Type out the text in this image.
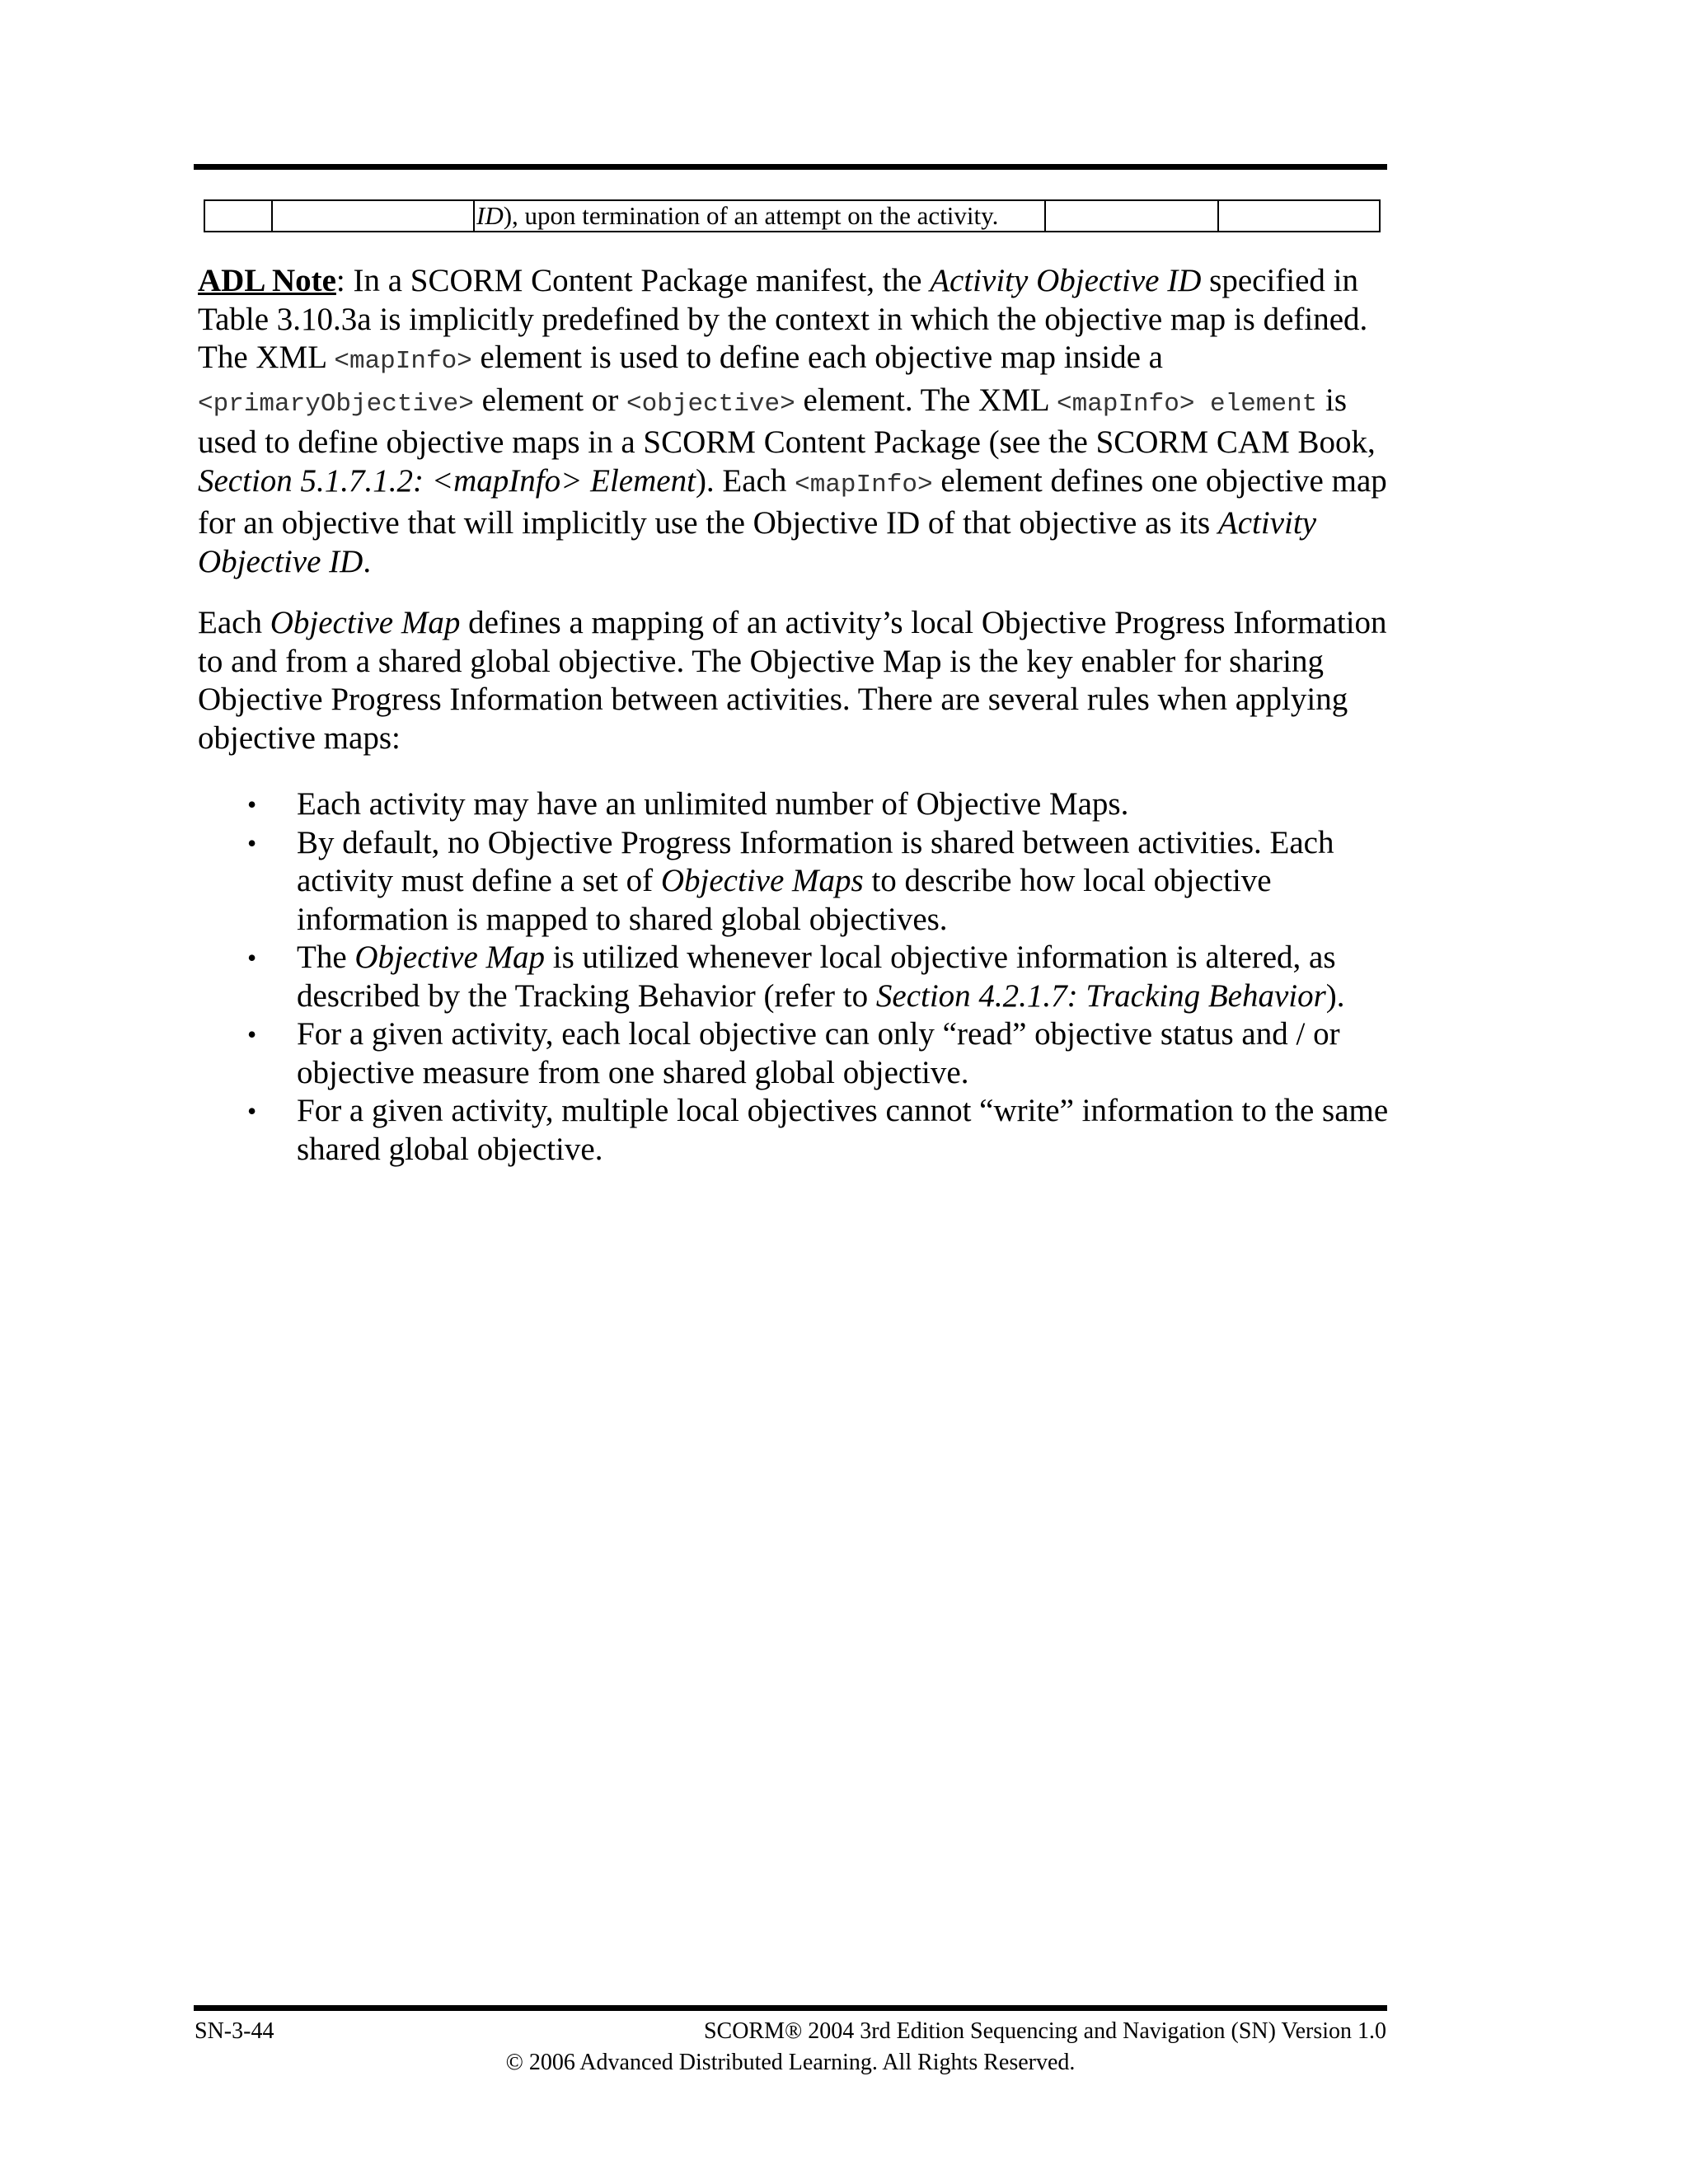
		ID), upon termination of an attempt on the activity.		

ADL Note: In a SCORM Content Package manifest, the Activity Objective ID specified in Table 3.10.3a is implicitly predefined by the context in which the objective map is defined. The XML <mapInfo> element is used to define each objective map inside a <primaryObjective> element or <objective> element. The XML <mapInfo> element is used to define objective maps in a SCORM Content Package (see the SCORM CAM Book, Section 5.1.7.1.2: <mapInfo> Element). Each <mapInfo> element defines one objective map for an objective that will implicitly use the Objective ID of that objective as its Activity Objective ID.

Each Objective Map defines a mapping of an activity’s local Objective Progress Information to and from a shared global objective. The Objective Map is the key enabler for sharing Objective Progress Information between activities. There are several rules when applying objective maps:

• Each activity may have an unlimited number of Objective Maps.
• By default, no Objective Progress Information is shared between activities. Each activity must define a set of Objective Maps to describe how local objective information is mapped to shared global objectives.
• The Objective Map is utilized whenever local objective information is altered, as described by the Tracking Behavior (refer to Section 4.2.1.7: Tracking Behavior).
• For a given activity, each local objective can only “read” objective status and / or objective measure from one shared global objective.
• For a given activity, multiple local objectives cannot “write” information to the same shared global objective.
SN-3-44	SCORM® 2004 3rd Edition Sequencing and Navigation (SN) Version 1.0
© 2006 Advanced Distributed Learning. All Rights Reserved.
